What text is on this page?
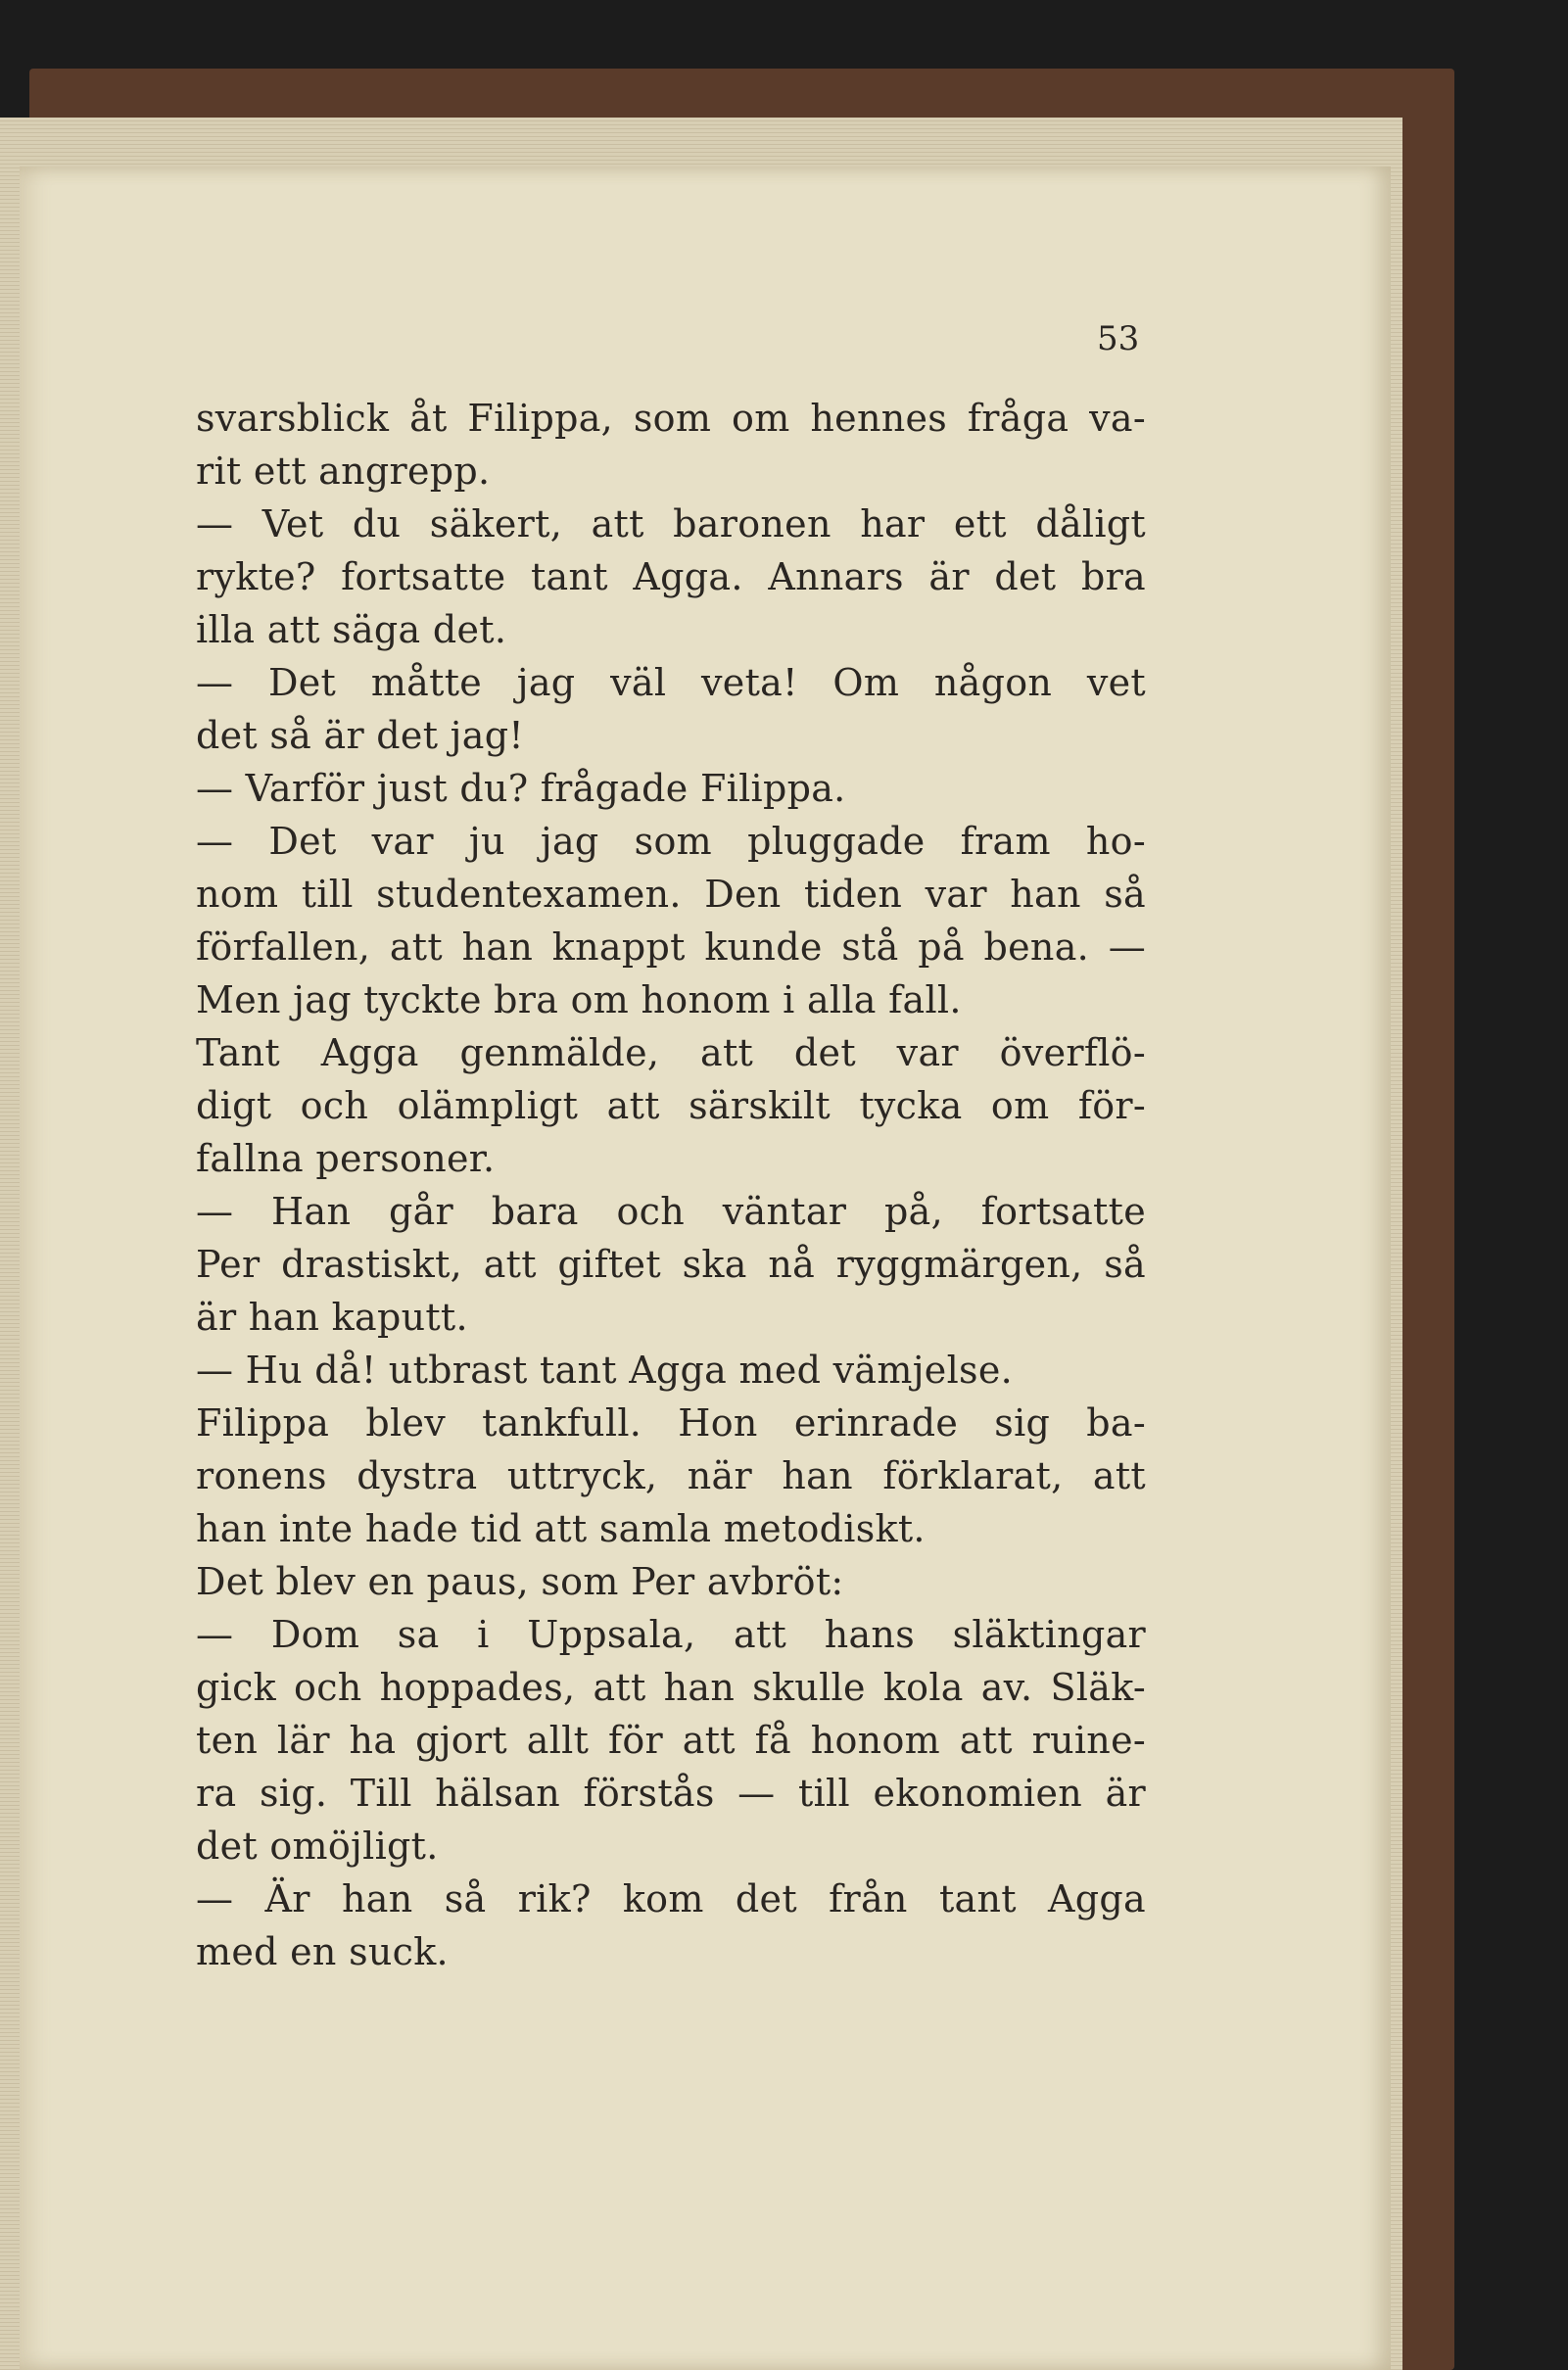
53
svarsblick åt Filippa, som om hennes fråga va-
rit ett angrepp.
— Vet du säkert, att baronen har ett dåligt
rykte? fortsatte tant Agga. Annars är det bra
illa att säga det.
— Det måtte jag väl veta! Om någon vet
det så är det jag!
— Varför just du? frågade Filippa.
— Det var ju jag som pluggade fram ho-
nom till studentexamen. Den tiden var han så
förfallen, att han knappt kunde stå på bena. —
Men jag tyckte bra om honom i alla fall.
Tant Agga genmälde, att det var överflö-
digt och olämpligt att särskilt tycka om för-
fallna personer.
— Han går bara och väntar på, fortsatte
Per drastiskt, att giftet ska nå ryggmärgen, så
är han kaputt.
— Hu då! utbrast tant Agga med vämjelse.
Filippa blev tankfull. Hon erinrade sig ba-
ronens dystra uttryck, när han förklarat, att
han inte hade tid att samla metodiskt.
Det blev en paus, som Per avbröt:
— Dom sa i Uppsala, att hans släktingar
gick och hoppades, att han skulle kola av. Släk-
ten lär ha gjort allt för att få honom att ruine-
ra sig. Till hälsan förstås — till ekonomien är
det omöjligt.
— Är han så rik? kom det från tant Agga
med en suck.
